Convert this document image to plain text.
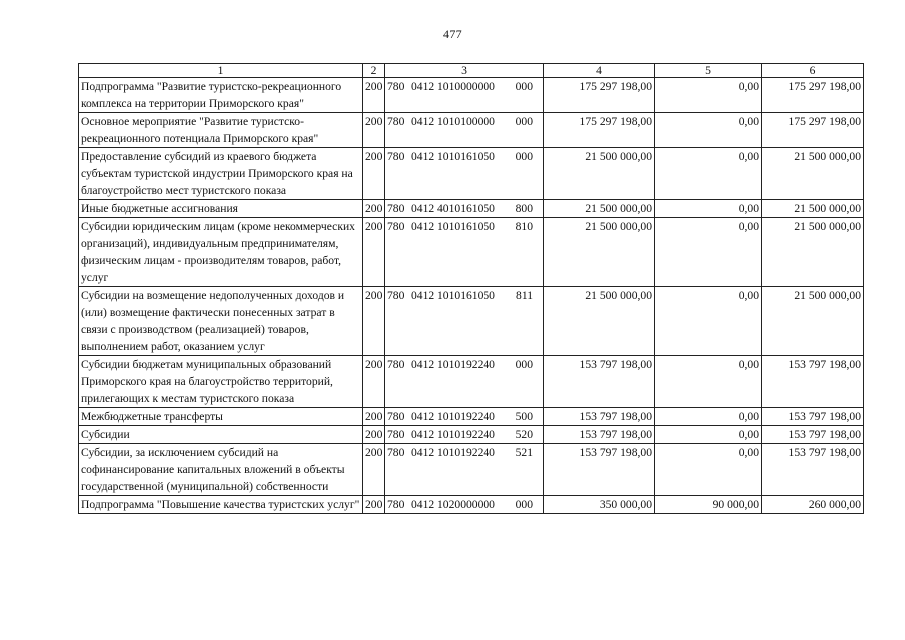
477
1	2	3	4	5	6
Подпрограмма "Развитие туристско-рекреационного комплекса на территории Приморского края"	200	780 0412 1010000000 000	175 297 198,00	0,00	175 297 198,00
Основное мероприятие "Развитие туристско-рекреационного потенциала Приморского края"	200	780 0412 1010100000 000	175 297 198,00	0,00	175 297 198,00
Предоставление субсидий из краевого бюджета субъектам туристской индустрии Приморского края на благоустройство мест туристского показа	200	780 0412 1010161050 000	21 500 000,00	0,00	21 500 000,00
Иные бюджетные ассигнования	200	780 0412 4010161050 800	21 500 000,00	0,00	21 500 000,00
Субсидии юридическим лицам (кроме некоммерческих организаций), индивидуальным предпринимателям, физическим лицам - производителям товаров, работ, услуг	200	780 0412 1010161050 810	21 500 000,00	0,00	21 500 000,00
Субсидии на возмещение недополученных доходов и (или) возмещение фактически понесенных затрат в связи с производством (реализацией) товаров, выполнением работ, оказанием услуг	200	780 0412 1010161050 811	21 500 000,00	0,00	21 500 000,00
Субсидии бюджетам муниципальных образований Приморского края на благоустройство территорий, прилегающих к местам туристского показа	200	780 0412 1010192240 000	153 797 198,00	0,00	153 797 198,00
Межбюджетные трансферты	200	780 0412 1010192240 500	153 797 198,00	0,00	153 797 198,00
Субсидии	200	780 0412 1010192240 520	153 797 198,00	0,00	153 797 198,00
Субсидии, за исключением субсидий на софинансирование капитальных вложений в объекты государственной (муниципальной) собственности	200	780 0412 1010192240 521	153 797 198,00	0,00	153 797 198,00
Подпрограмма "Повышение качества туристских услуг"	200	780 0412 1020000000 000	350 000,00	90 000,00	260 000,00
